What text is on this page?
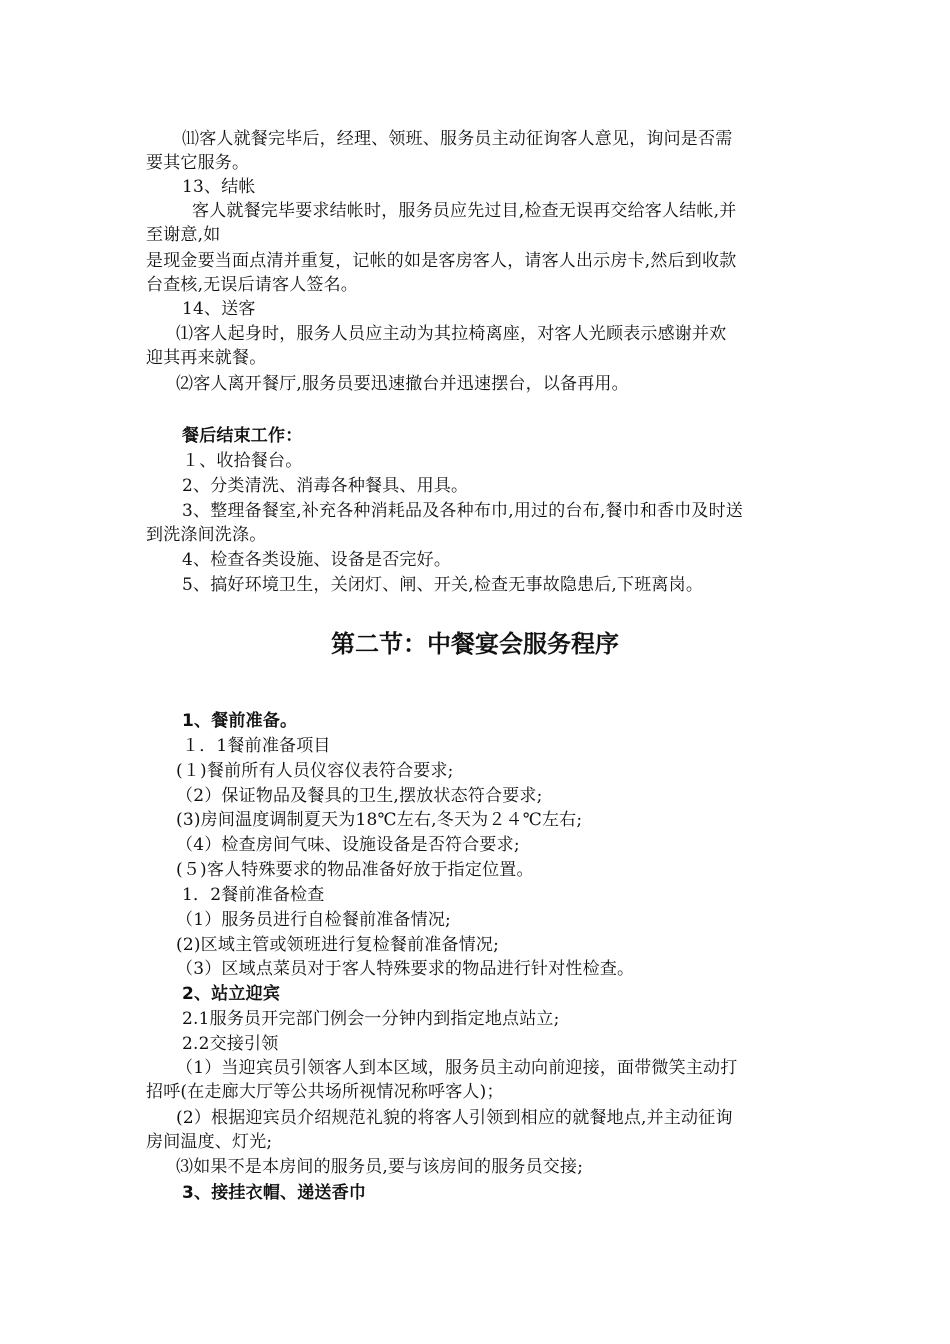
⑾客人就餐完毕后，经理、领班、服务员主动征询客人意见，询问是否需
要其它服务。
13、结帐
客人就餐完毕要求结帐时，服务员应先过目,检查无误再交给客人结帐,并
至谢意,如
是现金要当面点清并重复，记帐的如是客房客人，请客人出示房卡,然后到收款
台查核,无误后请客人签名。
14、送客
⑴客人起身时，服务人员应主动为其拉椅离座，对客人光顾表示感谢并欢
迎其再来就餐。
⑵客人离开餐厅,服务员要迅速撤台并迅速摆台，以备再用。
餐后结束工作：
１、收拾餐台。
2、分类清洗、消毒各种餐具、用具。
3、整理备餐室,补充各种消耗品及各种布巾,用过的台布,餐巾和香巾及时送
到洗涤间洗涤。
4、检查各类设施、设备是否完好。
5、搞好环境卫生，关闭灯、闸、开关,检查无事故隐患后,下班离岗。
第二节：中餐宴会服务程序
1、餐前准备。
１．1餐前准备项目
(１)餐前所有人员仪容仪表符合要求;
（2）保证物品及餐具的卫生,摆放状态符合要求;
(3)房间温度调制夏天为18℃左右,冬天为２４℃左右;
（4）检查房间气味、设施设备是否符合要求;
(５)客人特殊要求的物品准备好放于指定位置。
1．2餐前准备检查
（1）服务员进行自检餐前准备情况;
(2)区域主管或领班进行复检餐前准备情况;
（3）区域点菜员对于客人特殊要求的物品进行针对性检查。
2、站立迎宾
2.1服务员开完部门例会一分钟内到指定地点站立;
2.2交接引领
（1）当迎宾员引领客人到本区域，服务员主动向前迎接，面带微笑主动打
招呼(在走廊大厅等公共场所视情况称呼客人)；
(2）根据迎宾员介绍规范礼貌的将客人引领到相应的就餐地点,并主动征询
房间温度、灯光;
⑶如果不是本房间的服务员,要与该房间的服务员交接;
3、接挂衣帽、递送香巾
